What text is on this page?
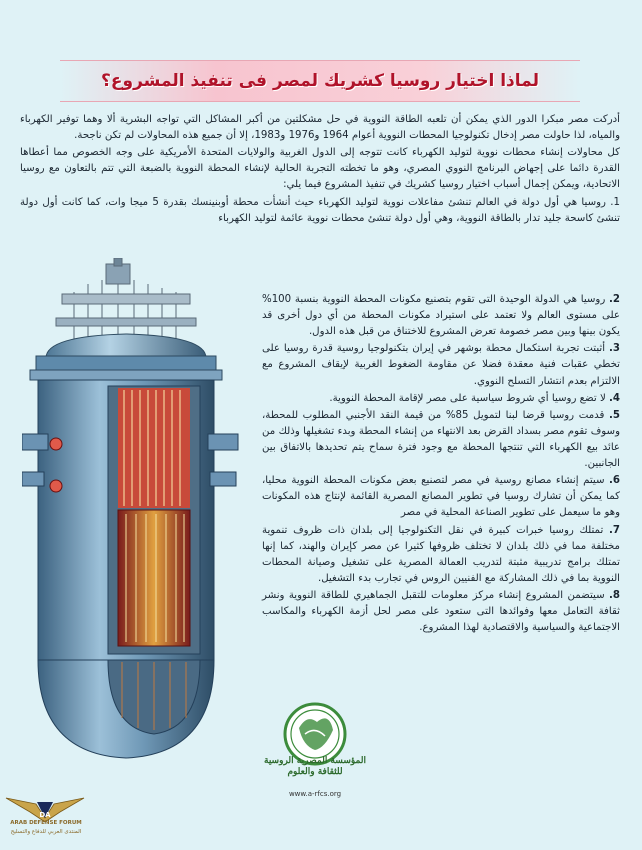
لماذا اختيار روسيا كشريك لمصر فى تنفيذ المشروع؟

أدركت مصر مبكرا الدور الذي يمكن أن تلعبه الطاقة النووية في حل مشكلتين من أكبر المشاكل التي تواجه البشرية ألا وهما توفير الكهرباء والمياه، لذا حاولت مصر إدخال تكنولوجيا المحطات النووية أعوام 1964 و1976 و1983، إلا أن جميع هذه المحاولات لم تكن ناجحة.

كل محاولات إنشاء محطات نووية لتوليد الكهرباء كانت تتوجه إلى الدول الغربية والولايات المتحدة الأمريكية على وجه الخصوص مما أعطاها القدرة دائما على إجهاض البرنامج النووي المصري، وهو ما تخطته التجربة الحالية لإنشاء المحطة النووية بالضبعة التي تتم بالتعاون مع روسيا الاتحادية، ويمكن إجمال أسباب اختيار روسيا كشريك في تنفيذ المشروع فيما يلي:

1. روسيا هي أول دولة في العالم تنشئ مفاعلات نووية لتوليد الكهرباء حيث أنشأت محطة أوبنينسك بقدرة 5 ميجا وات، كما كانت أول دولة تنشئ كاسحة جليد تدار بالطاقة النووية، وهي أول دولة تنشئ محطات نووية عائمة لتوليد الكهرباء

2. روسيا هي الدولة الوحيدة التى تقوم بتصنيع مكونات المحطة النووية بنسبة 100% على مستوى العالم ولا تعتمد على استيراد مكونات المحطة من أي دول أخرى قد يكون بينها وبين مصر خصومة تعرض المشروع للاختناق من قبل هذه الدول.

3. أثبتت تجربة استكمال محطة بوشهر في إيران بتكنولوجيا روسية قدرة روسيا على تخطي عقبات فنية معقدة فضلا عن مقاومة الضغوط الغربية لإيقاف المشروع مع الالتزام بعدم انتشار التسلح النووي.

4. لا تضع روسيا أي شروط سياسية على مصر لإقامة المحطة النووية.

5. قدمت روسيا قرضا لبنا لتمويل 85% من قيمة النقد الأجنبي المطلوب للمحطة، وسوف تقوم مصر بسداد القرض بعد الانتهاء من إنشاء المحطة وبدء تشغيلها وذلك من عائد بيع الكهرباء التي تنتجها المحطة مع وجود فترة سماح يتم تحديدها بالاتفاق بين الجانبين.

6. سيتم إنشاء مصانع روسية في مصر لتصنيع بعض مكونات المحطة النووية محليا، كما يمكن أن تشارك روسيا في تطوير المصانع المصرية القائمة لإنتاج هذه المكونات وهو ما سيعمل على تطوير الصناعة المحلية في مصر

7. تمتلك روسيا خبرات كبيرة في نقل التكنولوجيا إلى بلدان ذات ظروف تنموية مختلفة مما في ذلك بلدان لا تختلف ظروفها كثيرا عن مصر كإيران والهند، كما إنها تمتلك برامج تدريبية مثبتة لتدريب العمالة المصرية على تشغيل وصيانة المحطات النووية بما في ذلك المشاركة مع الفنيين الروس في تجارب بدء التشغيل.

8. سيتضمن المشروع إنشاء مركز معلومات للتقبل الجماهيري للطاقة النووية ونشر ثقافة التعامل معها وفوائدها التى ستعود على مصر لحل أزمة الكهرباء والمكاسب الاجتماعية والسياسية والاقتصادية لهذا المشروع.

المؤسسة المصرية الروسية
للثقافة والعلوم
www.a-rfcs.org
DA
ARAB DEFENSE FORUM
المنتدى العربي للدفاع والتسليح
